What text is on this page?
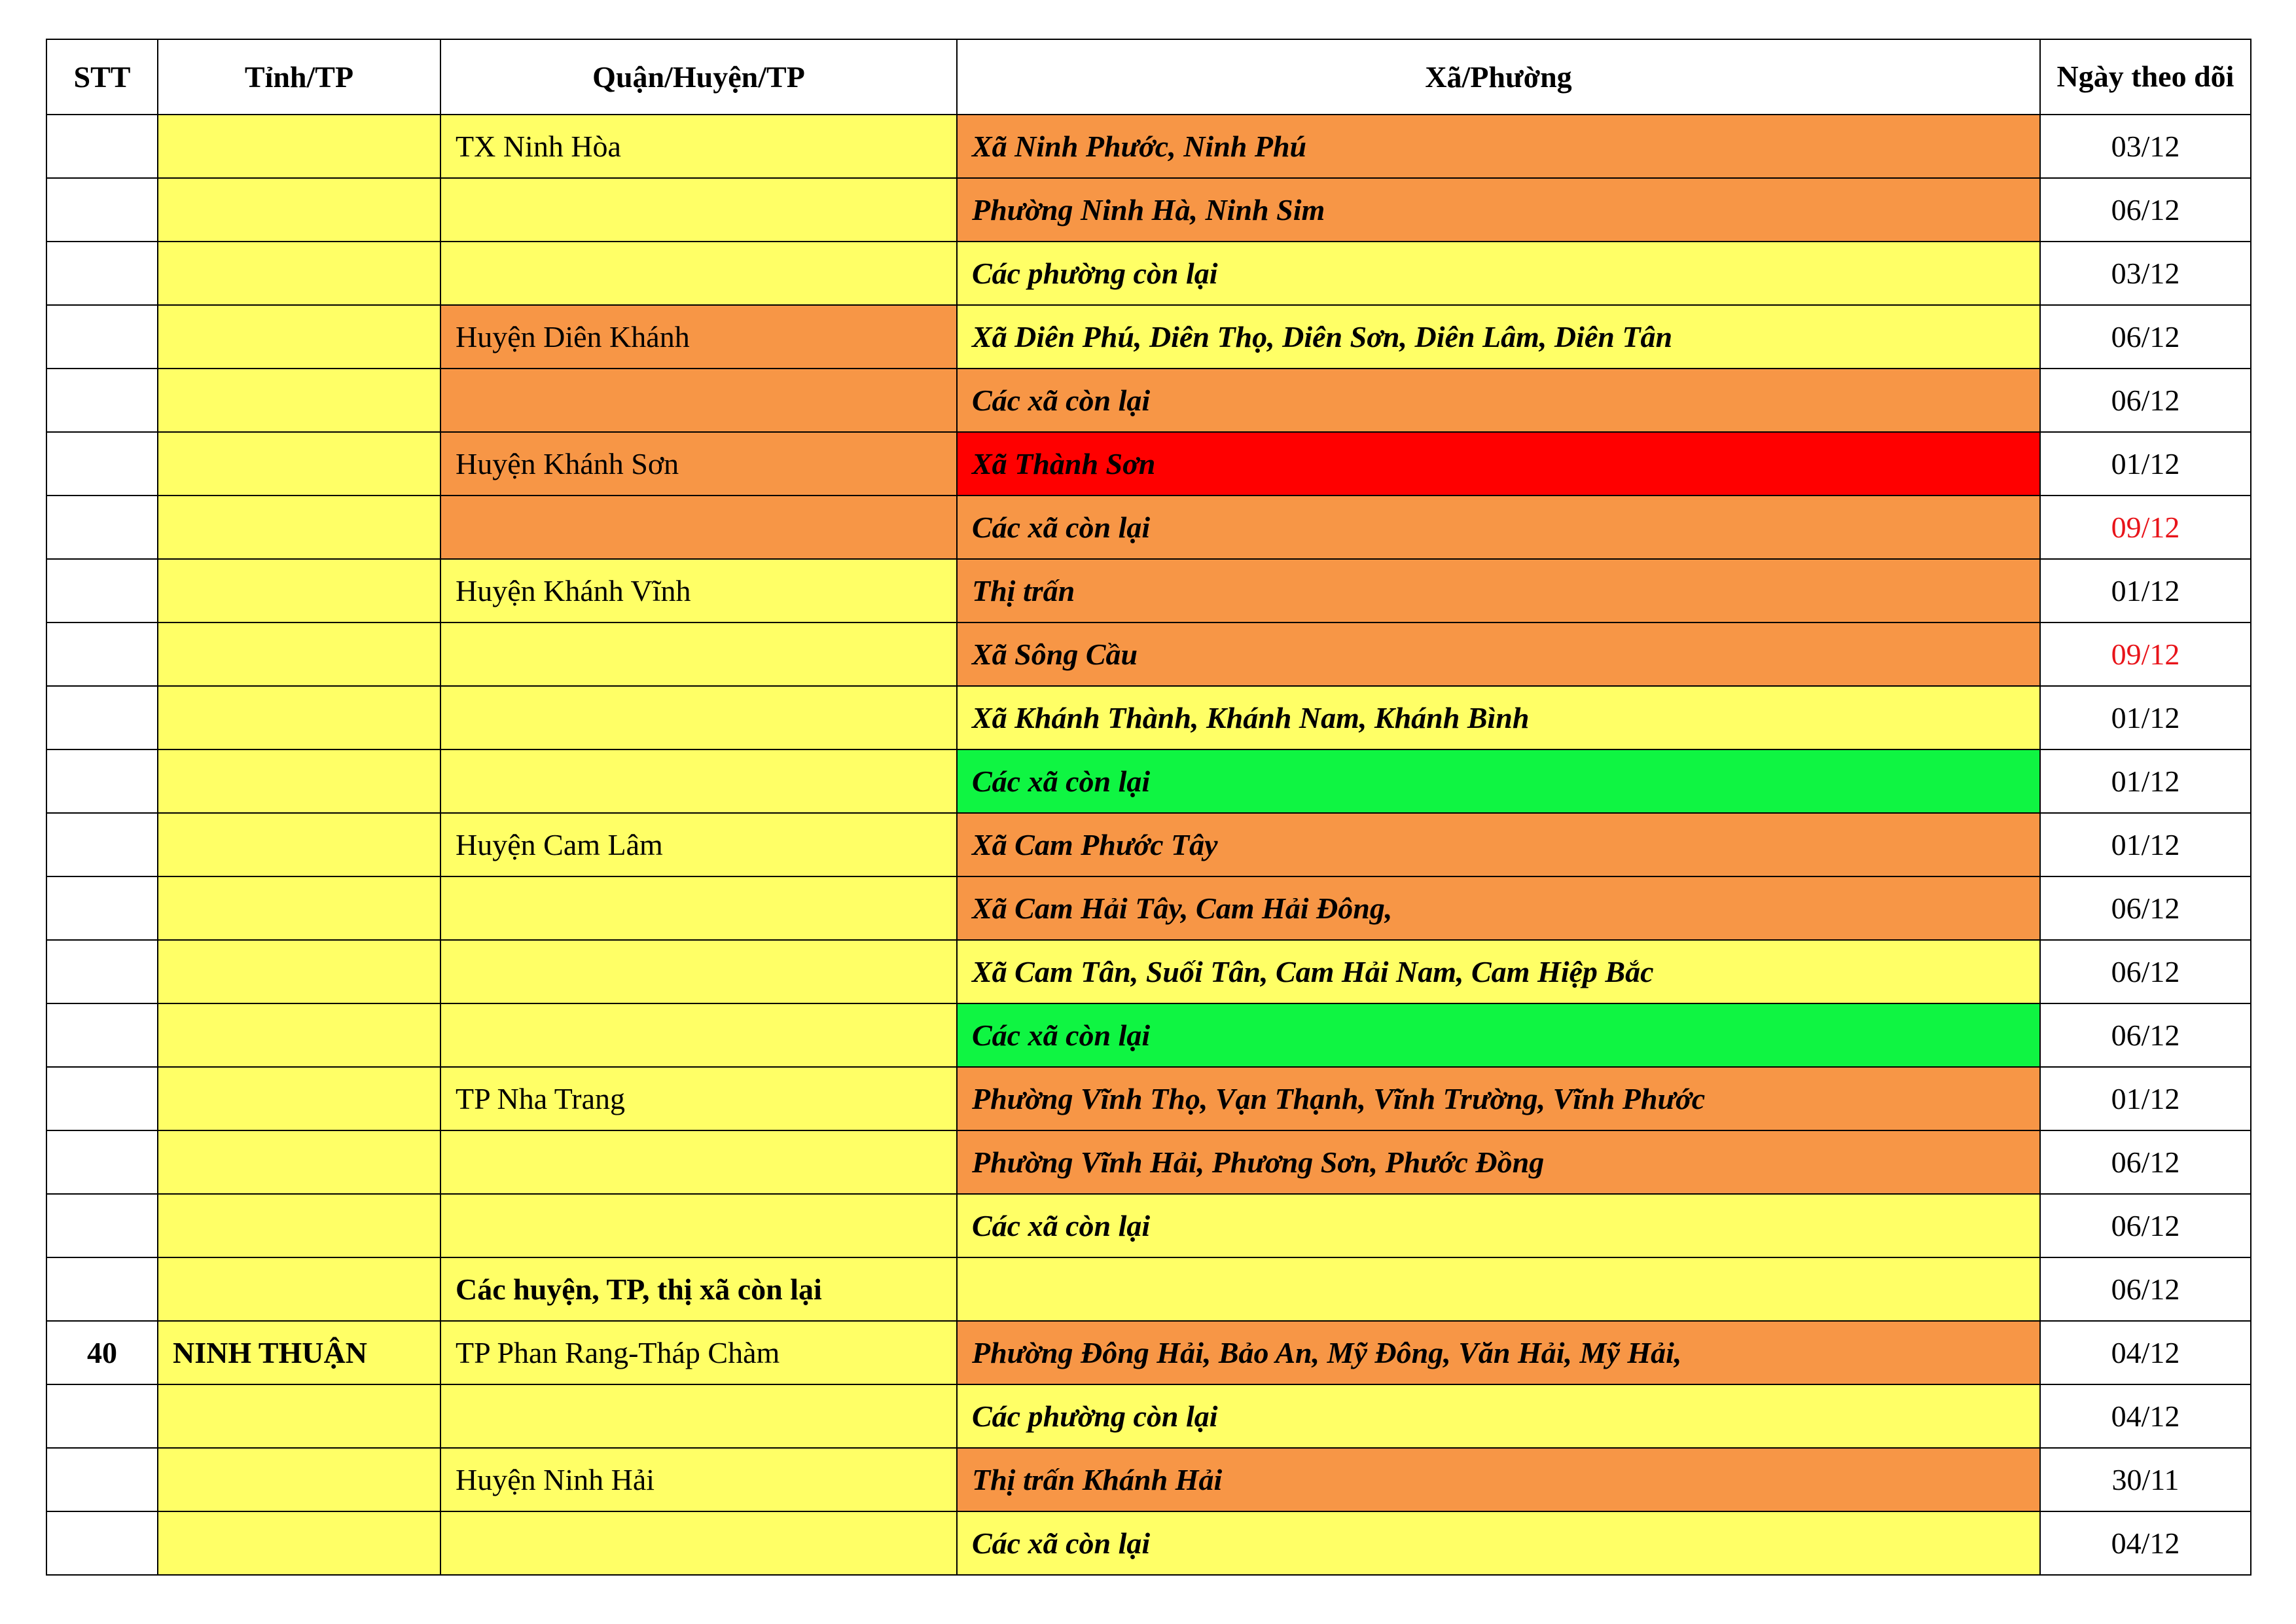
STT	Tỉnh/TP	Quận/Huyện/TP	Xã/Phường	Ngày theo dõi
		TX Ninh Hòa	Xã Ninh Phước, Ninh Phú	03/12
			Phường Ninh Hà, Ninh Sim	06/12
			Các phường còn lại	03/12
		Huyện Diên Khánh	Xã Diên Phú, Diên Thọ, Diên Sơn, Diên Lâm, Diên Tân	06/12
			Các xã còn lại	06/12
		Huyện Khánh Sơn	Xã Thành Sơn	01/12
			Các xã còn lại	09/12
		Huyện Khánh Vĩnh	Thị trấn	01/12
			Xã Sông Cầu	09/12
			Xã Khánh Thành, Khánh Nam, Khánh Bình	01/12
			Các xã còn lại	01/12
		Huyện Cam Lâm	Xã Cam Phước Tây	01/12
			Xã Cam Hải Tây, Cam Hải Đông,	06/12
			Xã Cam Tân, Suối Tân, Cam Hải Nam, Cam Hiệp Bắc	06/12
			Các xã còn lại	06/12
		TP Nha Trang	Phường Vĩnh Thọ, Vạn Thạnh, Vĩnh Trường, Vĩnh Phước	01/12
			Phường Vĩnh Hải, Phương Sơn, Phước Đồng	06/12
			Các xã còn lại	06/12
		Các huyện, TP, thị xã còn lại		06/12
40	NINH THUẬN	TP Phan Rang-Tháp Chàm	Phường Đông Hải, Bảo An, Mỹ Đông, Văn Hải, Mỹ Hải,	04/12
			Các phường còn lại	04/12
		Huyện Ninh Hải	Thị trấn Khánh Hải	30/11
			Các xã còn lại	04/12
